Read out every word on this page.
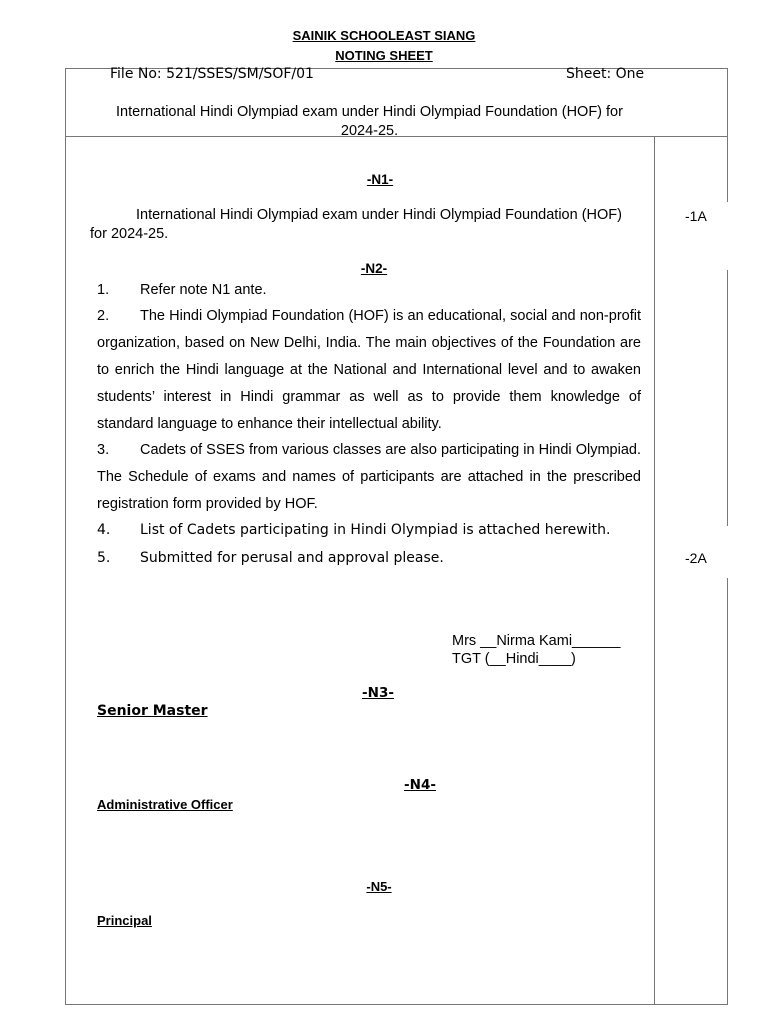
SAINIK SCHOOLEAST SIANG
NOTING SHEET
File No: 521/SSES/SM/SOF/01	Sheet: One
International Hindi Olympiad exam under Hindi Olympiad Foundation (HOF) for
2024-25.
-N1-
International Hindi Olympiad exam under Hindi Olympiad Foundation (HOF)
for 2024-25.
-1A
-N2-
1. Refer note N1 ante.
2. The Hindi Olympiad Foundation (HOF) is an educational, social and non-profit organization, based on New Delhi, India. The main objectives of the Foundation are to enrich the Hindi language at the National and International level and to awaken students’ interest in Hindi grammar as well as to provide them knowledge of standard language to enhance their intellectual ability.
3. Cadets of SSES from various classes are also participating in Hindi Olympiad. The Schedule of exams and names of participants are attached in the prescribed registration form provided by HOF.
4. List of Cadets participating in Hindi Olympiad is attached herewith.
5. Submitted for perusal and approval please.	-2A
Mrs __Nirma Kami______
TGT (__Hindi____)
-N3-
Senior Master
-N4-
Administrative Officer
-N5-
Principal
